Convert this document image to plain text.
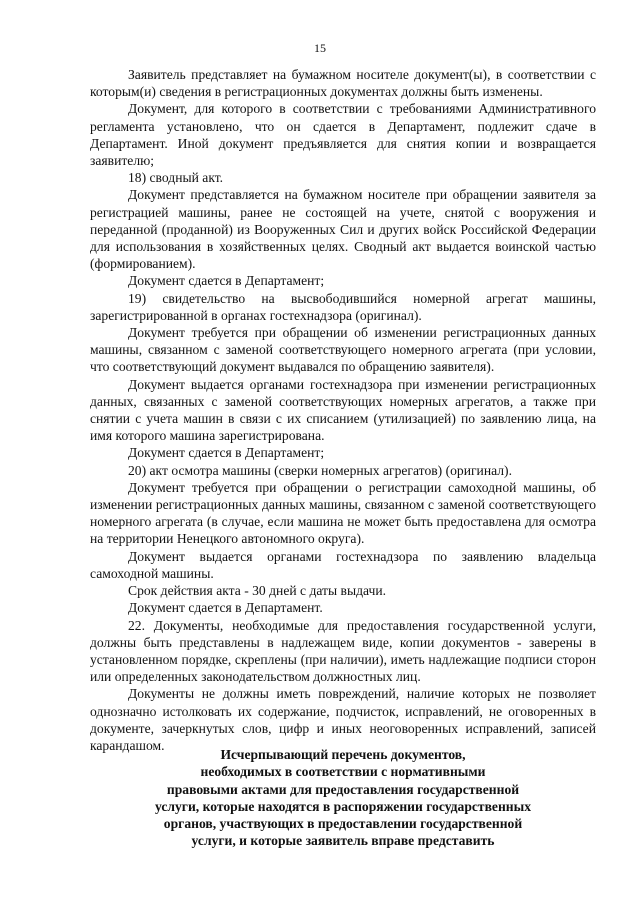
15

Заявитель представляет на бумажном носителе документ(ы), в соответствии с которым(и) сведения в регистрационных документах должны быть изменены.

Документ, для которого в соответствии с требованиями Административного регламента установлено, что он сдается в Департамент, подлежит сдаче в Департамент. Иной документ предъявляется для снятия копии и возвращается заявителю;

18) сводный акт.

Документ представляется на бумажном носителе при обращении заявителя за регистрацией машины, ранее не состоящей на учете, снятой с вооружения и переданной (проданной) из Вооруженных Сил и других войск Российской Федерации для использования в хозяйственных целях. Сводный акт выдается воинской частью (формированием).

Документ сдается в Департамент;

19) свидетельство на высвободившийся номерной агрегат машины, зарегистрированной в органах гостехнадзора (оригинал).

Документ требуется при обращении об изменении регистрационных данных машины, связанном с заменой соответствующего номерного агрегата (при условии, что соответствующий документ выдавался по обращению заявителя).

Документ выдается органами гостехнадзора при изменении регистрационных данных, связанных с заменой соответствующих номерных агрегатов, а также при снятии с учета машин в связи с их списанием (утилизацией) по заявлению лица, на имя которого машина зарегистрирована.

Документ сдается в Департамент;

20) акт осмотра машины (сверки номерных агрегатов) (оригинал).

Документ требуется при обращении о регистрации самоходной машины, об изменении регистрационных данных машины, связанном с заменой соответствующего номерного агрегата (в случае, если машина не может быть предоставлена для осмотра на территории Ненецкого автономного округа).

Документ выдается органами гостехнадзора по заявлению владельца самоходной машины.

Срок действия акта - 30 дней с даты выдачи.

Документ сдается в Департамент.

22. Документы, необходимые для предоставления государственной услуги, должны быть представлены в надлежащем виде, копии документов - заверены в установленном порядке, скреплены (при наличии), иметь надлежащие подписи сторон или определенных законодательством должностных лиц.

Документы не должны иметь повреждений, наличие которых не позволяет однозначно истолковать их содержание, подчисток, исправлений, не оговоренных в документе, зачеркнутых слов, цифр и иных неоговоренных исправлений, записей карандашом.

Исчерпывающий перечень документов,
необходимых в соответствии с нормативными
правовыми актами для предоставления государственной
услуги, которые находятся в распоряжении государственных
органов, участвующих в предоставлении государственной
услуги, и которые заявитель вправе представить
